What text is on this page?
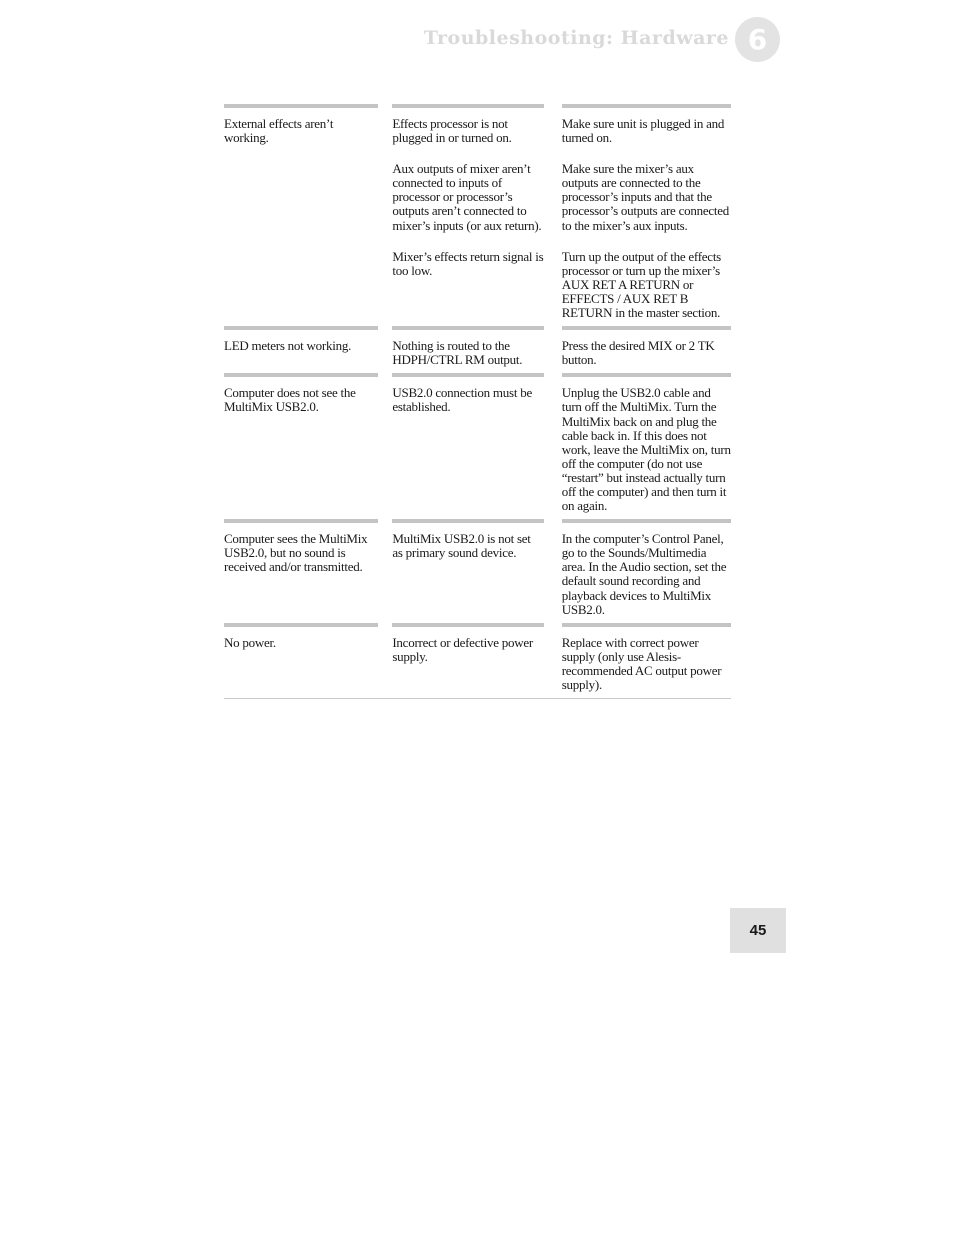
Troubleshooting: Hardware 6

External effects aren’t working.

Effects processor is not plugged in or turned on.

Aux outputs of mixer aren’t connected to inputs of processor or processor’s outputs aren’t connected to mixer’s inputs (or aux return).

Mixer’s effects return signal is too low.

Make sure unit is plugged in and turned on.

Make sure the mixer’s aux outputs are connected to the processor’s inputs and that the processor’s outputs are connected to the mixer’s aux inputs.

Turn up the output of the effects processor or turn up the mixer’s AUX RET A RETURN or EFFECTS / AUX RET B RETURN in the master section.

LED meters not working.	Nothing is routed to the HDPH/CTRL RM output.

Press the desired MIX or 2 TK button.

Computer does not see the MultiMix USB2.0.

USB2.0 connection must be established.

Unplug the USB2.0 cable and turn off the MultiMix. Turn the MultiMix back on and plug the cable back in. If this does not work, leave the MultiMix on, turn off the computer (do not use “restart” but instead actually turn off the computer) and then turn it on again.

Computer sees the MultiMix USB2.0, but no sound is received and/or transmitted.

MultiMix USB2.0 is not set as primary sound device.

In the computer’s Control Panel, go to the Sounds/Multimedia area. In the Audio section, set the default sound recording and playback devices to MultiMix USB2.0.

No power.	Incorrect or defective power supply.

Replace with correct power supply (only use Alesis-recommended AC output power supply).

45
